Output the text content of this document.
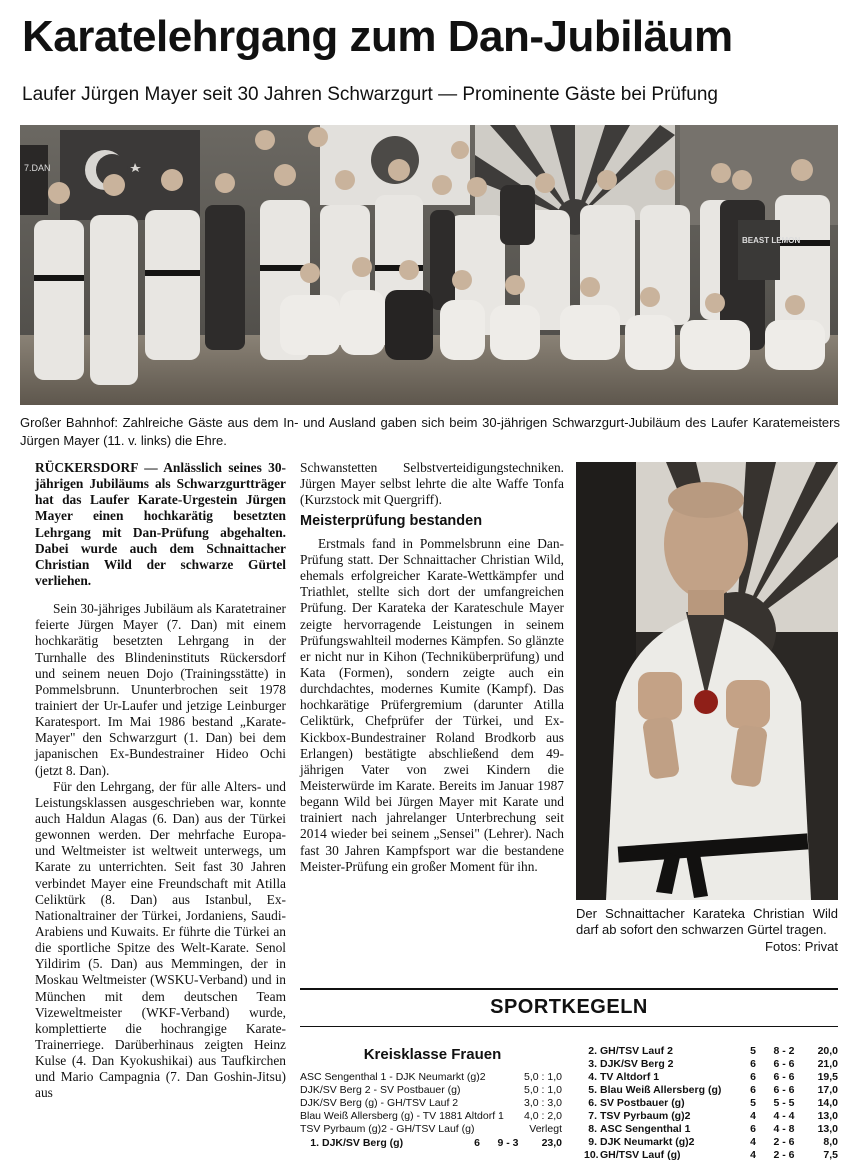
Karatelehrgang zum Dan-Jubiläum
Laufer Jürgen Mayer seit 30 Jahren Schwarzgurt — Prominente Gäste bei Prüfung
7.DAN
BEAST LEMON
Großer Bahnhof: Zahlreiche Gäste aus dem In- und Ausland gaben sich beim 30-jährigen Schwarzgurt-Jubiläum des Laufer Karatemeisters Jürgen Mayer (11. v. links) die Ehre.

RÜCKERSDORF — Anlässlich seines 30-jährigen Jubiläums als Schwarzgurtträger hat das Laufer Karate-Urgestein Jürgen Mayer einen hochkarätig besetzten Lehrgang mit Dan-Prüfung abgehalten. Dabei wurde auch dem Schnaittacher Christian Wild der schwarze Gürtel verliehen.

Sein 30-jähriges Jubiläum als Karatetrainer feierte Jürgen Mayer (7. Dan) mit einem hochkarätig besetzten Lehrgang in der Turnhalle des Blindeninstituts Rückersdorf und seinem neuen Dojo (Trainingsstätte) in Pommelsbrunn. Ununterbrochen seit 1978 trainiert der Ur-Laufer und jetzige Leinburger Karatesport. Im Mai 1986 bestand „Karate-Mayer" den Schwarzgurt (1. Dan) bei dem japanischen Ex-Bundestrainer Hideo Ochi (jetzt 8. Dan).

Für den Lehrgang, der für alle Alters- und Leistungsklassen ausgeschrieben war, konnte auch Haldun Alagas (6. Dan) aus der Türkei gewonnen werden. Der mehrfache Europa- und Weltmeister ist weltweit unterwegs, um Karate zu unterrichten. Seit fast 30 Jahren verbindet Mayer eine Freundschaft mit Atilla Celiktürk (8. Dan) aus Istanbul, Ex-Nationaltrainer der Türkei, Jordaniens, Saudi-Arabiens und Kuwaits. Er führte die Türkei an die sportliche Spitze des Welt-Karate. Senol Yildirim (5. Dan) aus Memmingen, der in Moskau Weltmeister (WSKU-Verband) und in München mit dem deutschen Team Vizeweltmeister (WKF-Verband) wurde, komplettierte die hochrangige Karate-Trainerriege. Darüberhinaus zeigten Heinz Kulse (4. Dan Kyokushikai) aus Taufkirchen und Mario Campagnia (7. Dan Goshin-Jitsu) aus

Schwanstetten Selbstverteidigungstechniken. Jürgen Mayer selbst lehrte die alte Waffe Tonfa (Kurzstock mit Quergriff).

Meisterprüfung bestanden

Erstmals fand in Pommelsbrunn eine Dan-Prüfung statt. Der Schnaittacher Christian Wild, ehemals erfolgreicher Karate-Wettkämpfer und Triathlet, stellte sich dort der umfangreichen Prüfung. Der Karateka der Karateschule Mayer zeigte hervorragende Leistungen in seinem Prüfungswahlteil modernes Kämpfen. So glänzte er nicht nur in Kihon (Techniküberprüfung) und Kata (Formen), sondern zeigte auch ein durchdachtes, modernes Kumite (Kampf). Das hochkarätige Prüfergremium (darunter Atilla Celiktürk, Chefprüfer der Türkei, und Ex-Kickbox-Bundestrainer Roland Brodkorb aus Erlangen) bestätigte abschließend dem 49-jährigen Vater von zwei Kindern die Meisterwürde im Karate. Bereits im Januar 1987 begann Wild bei Jürgen Mayer mit Karate und trainiert nach jahrelanger Unterbrechung seit 2014 wieder bei seinem „Sensei" (Lehrer). Nach fast 30 Jahren Kampfsport war die bestandene Meister-Prüfung ein großer Moment für ihn.

Der Schnaittacher Karateka Christian Wild darf ab sofort den schwarzen Gürtel tragen.
Fotos: Privat
SPORTKEGELN
Kreisklasse Frauen
ASC Sengenthal 1 - DJK Neumarkt (g)2	5,0 : 1,0
DJK/SV Berg 2 - SV Postbauer (g)	5,0 : 1,0
DJK/SV Berg (g) - GH/TSV Lauf 2	3,0 : 3,0
Blau Weiß Allersberg (g) - TV 1881 Altdorf 1 4,0 : 2,0
TSV Pyrbaum (g)2 - GH/TSV Lauf (g)	Verlegt
1. DJK/SV Berg (g)	6	9 - 3	23,0
2. GH/TSV Lauf 2	5	8 - 2	20,0
3. DJK/SV Berg 2	6	6 - 6	21,0
4. TV Altdorf 1	6	6 - 6	19,5
5. Blau Weiß Allersberg (g)	6	6 - 6	17,0
6. SV Postbauer (g)	5	5 - 5	14,0
7. TSV Pyrbaum (g)2	4	4 - 4	13,0
8. ASC Sengenthal 1	6	4 - 8	13,0
9. DJK Neumarkt (g)2	4	2 - 6	8,0
10. GH/TSV Lauf (g)	4	2 - 6	7,5
